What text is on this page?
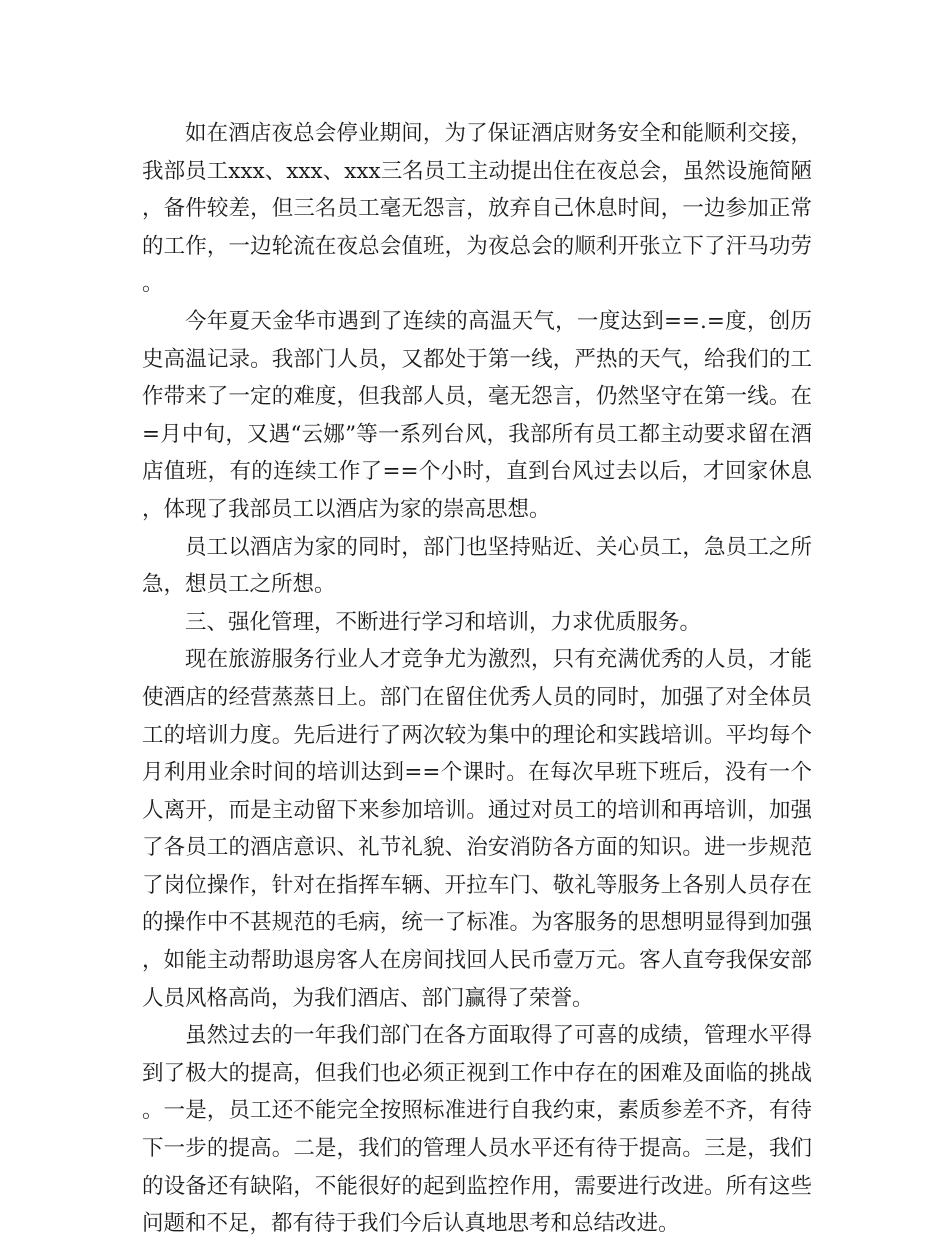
如在酒店夜总会停业期间，为了保证酒店财务安全和能顺利交接，我部员工xxx、xxx、xxx三名员工主动提出住在夜总会，虽然设施简陋，备件较差，但三名员工毫无怨言，放弃自己休息时间，一边参加正常的工作，一边轮流在夜总会值班，为夜总会的顺利开张立下了汗马功劳。

今年夏天金华市遇到了连续的高温天气，一度达到==.=度，创历史高温记录。我部门人员，又都处于第一线，严热的天气，给我们的工作带来了一定的难度，但我部人员，毫无怨言，仍然坚守在第一线。在=月中旬，又遇“云娜”等一系列台风，我部所有员工都主动要求留在酒店值班，有的连续工作了==个小时，直到台风过去以后，才回家休息，体现了我部员工以酒店为家的崇高思想。

员工以酒店为家的同时，部门也坚持贴近、关心员工，急员工之所急，想员工之所想。

三、强化管理，不断进行学习和培训，力求优质服务。

现在旅游服务行业人才竞争尤为激烈，只有充满优秀的人员，才能使酒店的经营蒸蒸日上。部门在留住优秀人员的同时，加强了对全体员工的培训力度。先后进行了两次较为集中的理论和实践培训。平均每个月利用业余时间的培训达到==个课时。在每次早班下班后，没有一个人离开，而是主动留下来参加培训。通过对员工的培训和再培训，加强了各员工的酒店意识、礼节礼貌、治安消防各方面的知识。进一步规范了岗位操作，针对在指挥车辆、开拉车门、敬礼等服务上各别人员存在的操作中不甚规范的毛病，统一了标准。为客服务的思想明显得到加强，如能主动帮助退房客人在房间找回人民币壹万元。客人直夸我保安部人员风格高尚，为我们酒店、部门赢得了荣誉。

虽然过去的一年我们部门在各方面取得了可喜的成绩，管理水平得到了极大的提高，但我们也必须正视到工作中存在的困难及面临的挑战。一是，员工还不能完全按照标准进行自我约束，素质参差不齐，有待下一步的提高。二是，我们的管理人员水平还有待于提高。三是，我们的设备还有缺陷，不能很好的起到监控作用，需要进行改进。所有这些问题和不足，都有待于我们今后认真地思考和总结改进。
